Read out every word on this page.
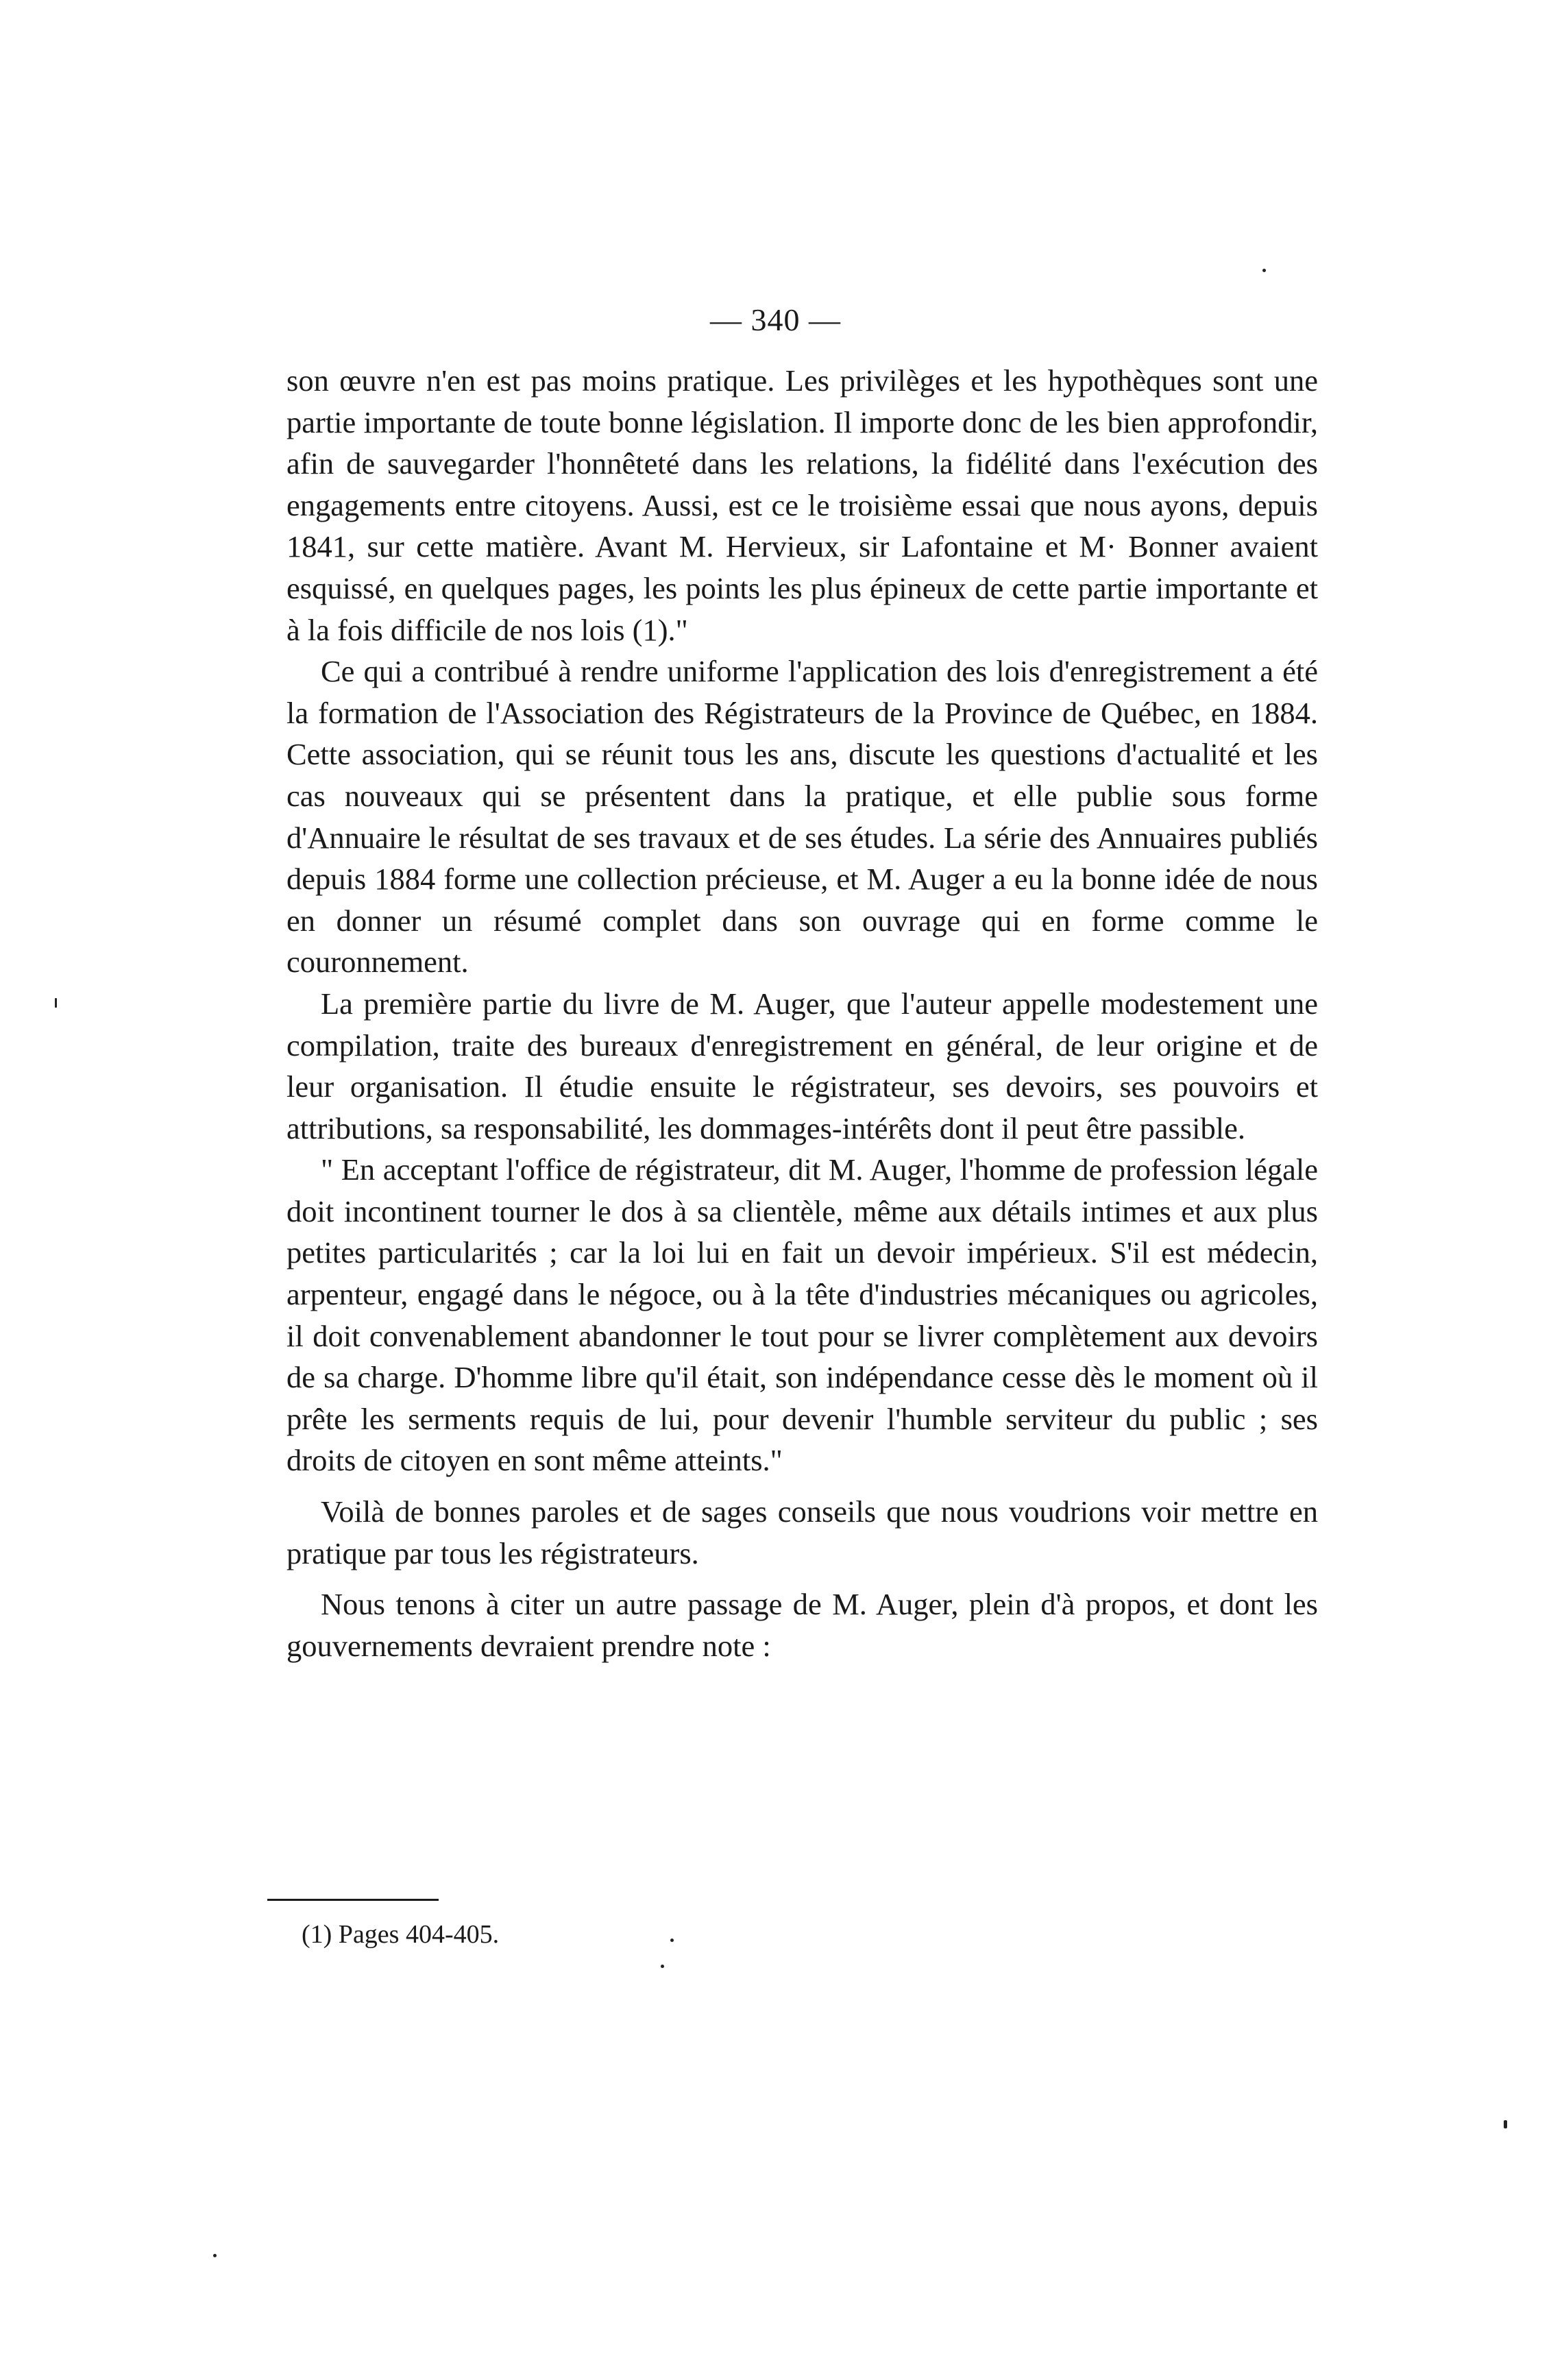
— 340 —

son œuvre n'en est pas moins pratique. Les privilèges et les hypothèques sont une partie importante de toute bonne législation. Il importe donc de les bien approfondir, afin de sauvegarder l'honnêteté dans les relations, la fidélité dans l'exécution des engagements entre citoyens. Aussi, est ce le troisième essai que nous ayons, depuis 1841, sur cette matière. Avant M. Hervieux, sir Lafontaine et M· Bonner avaient esquissé, en quelques pages, les points les plus épineux de cette partie importante et à la fois difficile de nos lois (1)."

Ce qui a contribué à rendre uniforme l'application des lois d'enregistrement a été la formation de l'Association des Régistrateurs de la Province de Québec, en 1884. Cette association, qui se réunit tous les ans, discute les questions d'actualité et les cas nouveaux qui se présentent dans la pratique, et elle publie sous forme d'Annuaire le résultat de ses travaux et de ses études. La série des Annuaires publiés depuis 1884 forme une collection précieuse, et M. Auger a eu la bonne idée de nous en donner un résumé complet dans son ouvrage qui en forme comme le couronnement.

La première partie du livre de M. Auger, que l'auteur appelle modestement une compilation, traite des bureaux d'enregistrement en général, de leur origine et de leur organisation. Il étudie ensuite le régistrateur, ses devoirs, ses pouvoirs et attributions, sa responsabilité, les dommages-intérêts dont il peut être passible.

" En acceptant l'office de régistrateur, dit M. Auger, l'homme de profession légale doit incontinent tourner le dos à sa clientèle, même aux détails intimes et aux plus petites particularités ; car la loi lui en fait un devoir impérieux. S'il est médecin, arpenteur, engagé dans le négoce, ou à la tête d'industries mécaniques ou agricoles, il doit convenablement abandonner le tout pour se livrer complètement aux devoirs de sa charge. D'homme libre qu'il était, son indépendance cesse dès le moment où il prête les serments requis de lui, pour devenir l'humble serviteur du public ; ses droits de citoyen en sont même atteints."

Voilà de bonnes paroles et de sages conseils que nous voudrions voir mettre en pratique par tous les régistrateurs.

Nous tenons à citer un autre passage de M. Auger, plein d'à propos, et dont les gouvernements devraient prendre note :

(1) Pages 404-405.
